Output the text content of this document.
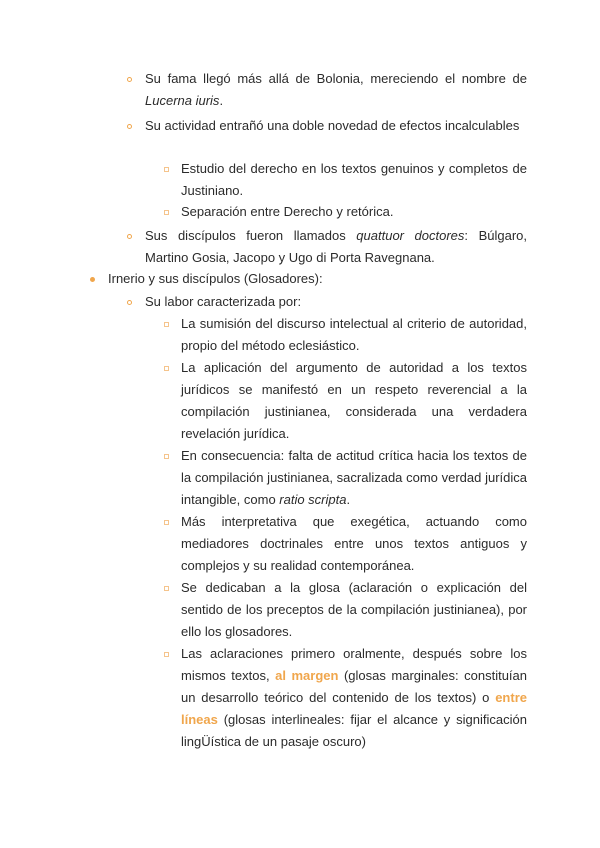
Su fama llegó más allá de Bolonia, mereciendo el nombre de Lucerna iuris.

Su actividad entrañó una doble novedad de efectos incalculables

Estudio del derecho en los textos genuinos y completos de Justiniano.

Separación entre Derecho y retórica.

Sus discípulos fueron llamados quattuor doctores: Búlgaro, Martino Gosia, Jacopo y Ugo di Porta Ravegnana.

Irnerio y sus discípulos (Glosadores):

Su labor caracterizada por:

La sumisión del discurso intelectual al criterio de autoridad, propio del método eclesiástico.

La aplicación del argumento de autoridad a los textos jurídicos se manifestó en un respeto reverencial a la compilación justinianea, considerada una verdadera revelación jurídica.

En consecuencia: falta de actitud crítica hacia los textos de la compilación justinianea, sacralizada como verdad jurídica intangible, como ratio scripta.

Más interpretativa que exegética, actuando como mediadores doctrinales entre unos textos antiguos y complejos y su realidad contemporánea.

Se dedicaban a la glosa (aclaración o explicación del sentido de los preceptos de la compilación justinianea), por ello los glosadores.

Las aclaraciones primero oralmente, después sobre los mismos textos, al margen (glosas marginales: constituían un desarrollo teórico del contenido de los textos) o entre líneas (glosas interlineales: fijar el alcance y significación lingÜística de un pasaje oscuro)
